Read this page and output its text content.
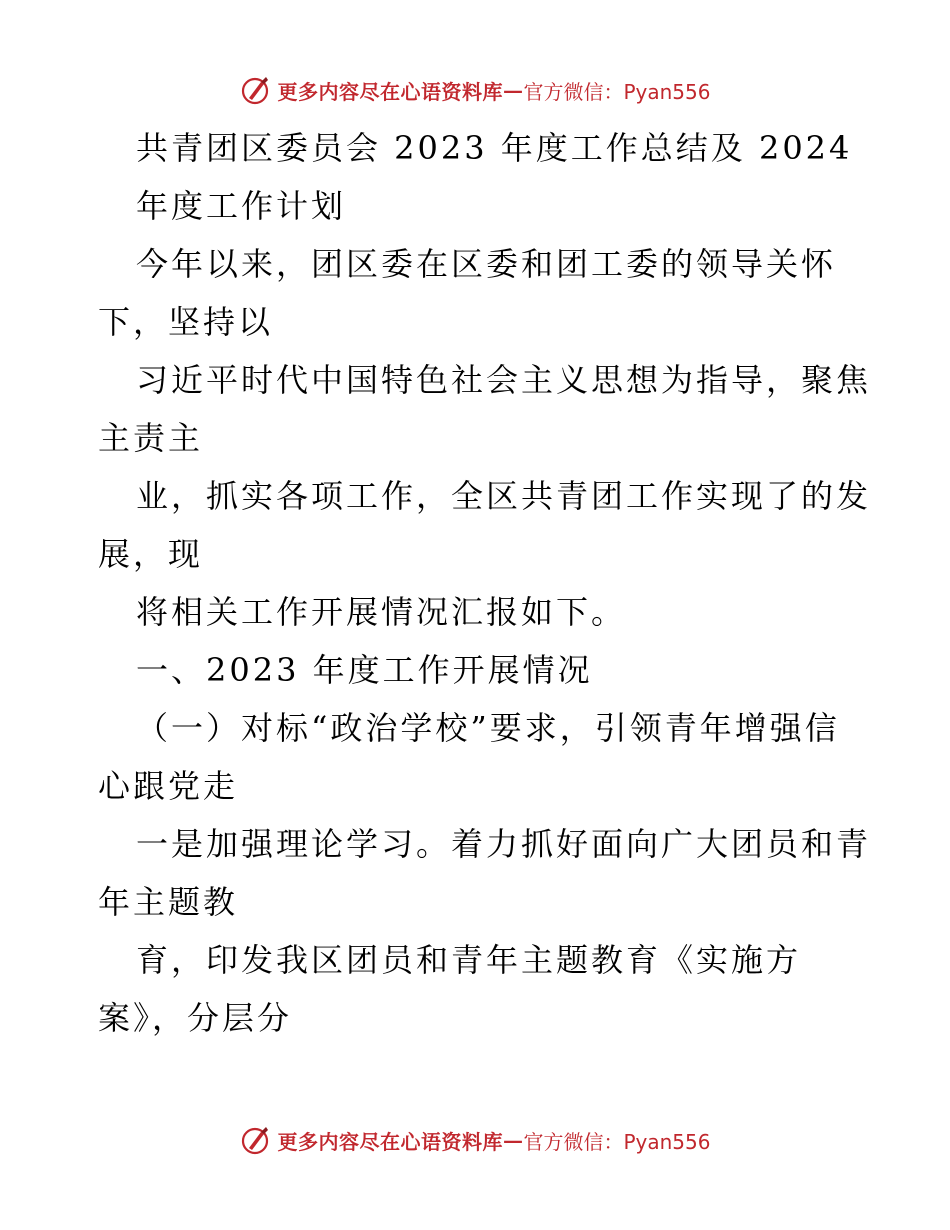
更多内容尽在心语资料库 — 官方微信：Pyan556
共青团区委员会 2023 年度工作总结及 2024
年度工作计划
今年以来，团区委在区委和团工委的领导关怀
下，坚持以
习近平时代中国特色社会主义思想为指导，聚焦
主责主
业，抓实各项工作，全区共青团工作实现了的发
展，现
将相关工作开展情况汇报如下。
一、2023 年度工作开展情况
（一）对标“政治学校”要求，引领青年增强信
心跟党走
一是加强理论学习。着力抓好面向广大团员和青
年主题教
育，印发我区团员和青年主题教育《实施方
案》，分层分
更多内容尽在心语资料库 — 官方微信：Pyan556
